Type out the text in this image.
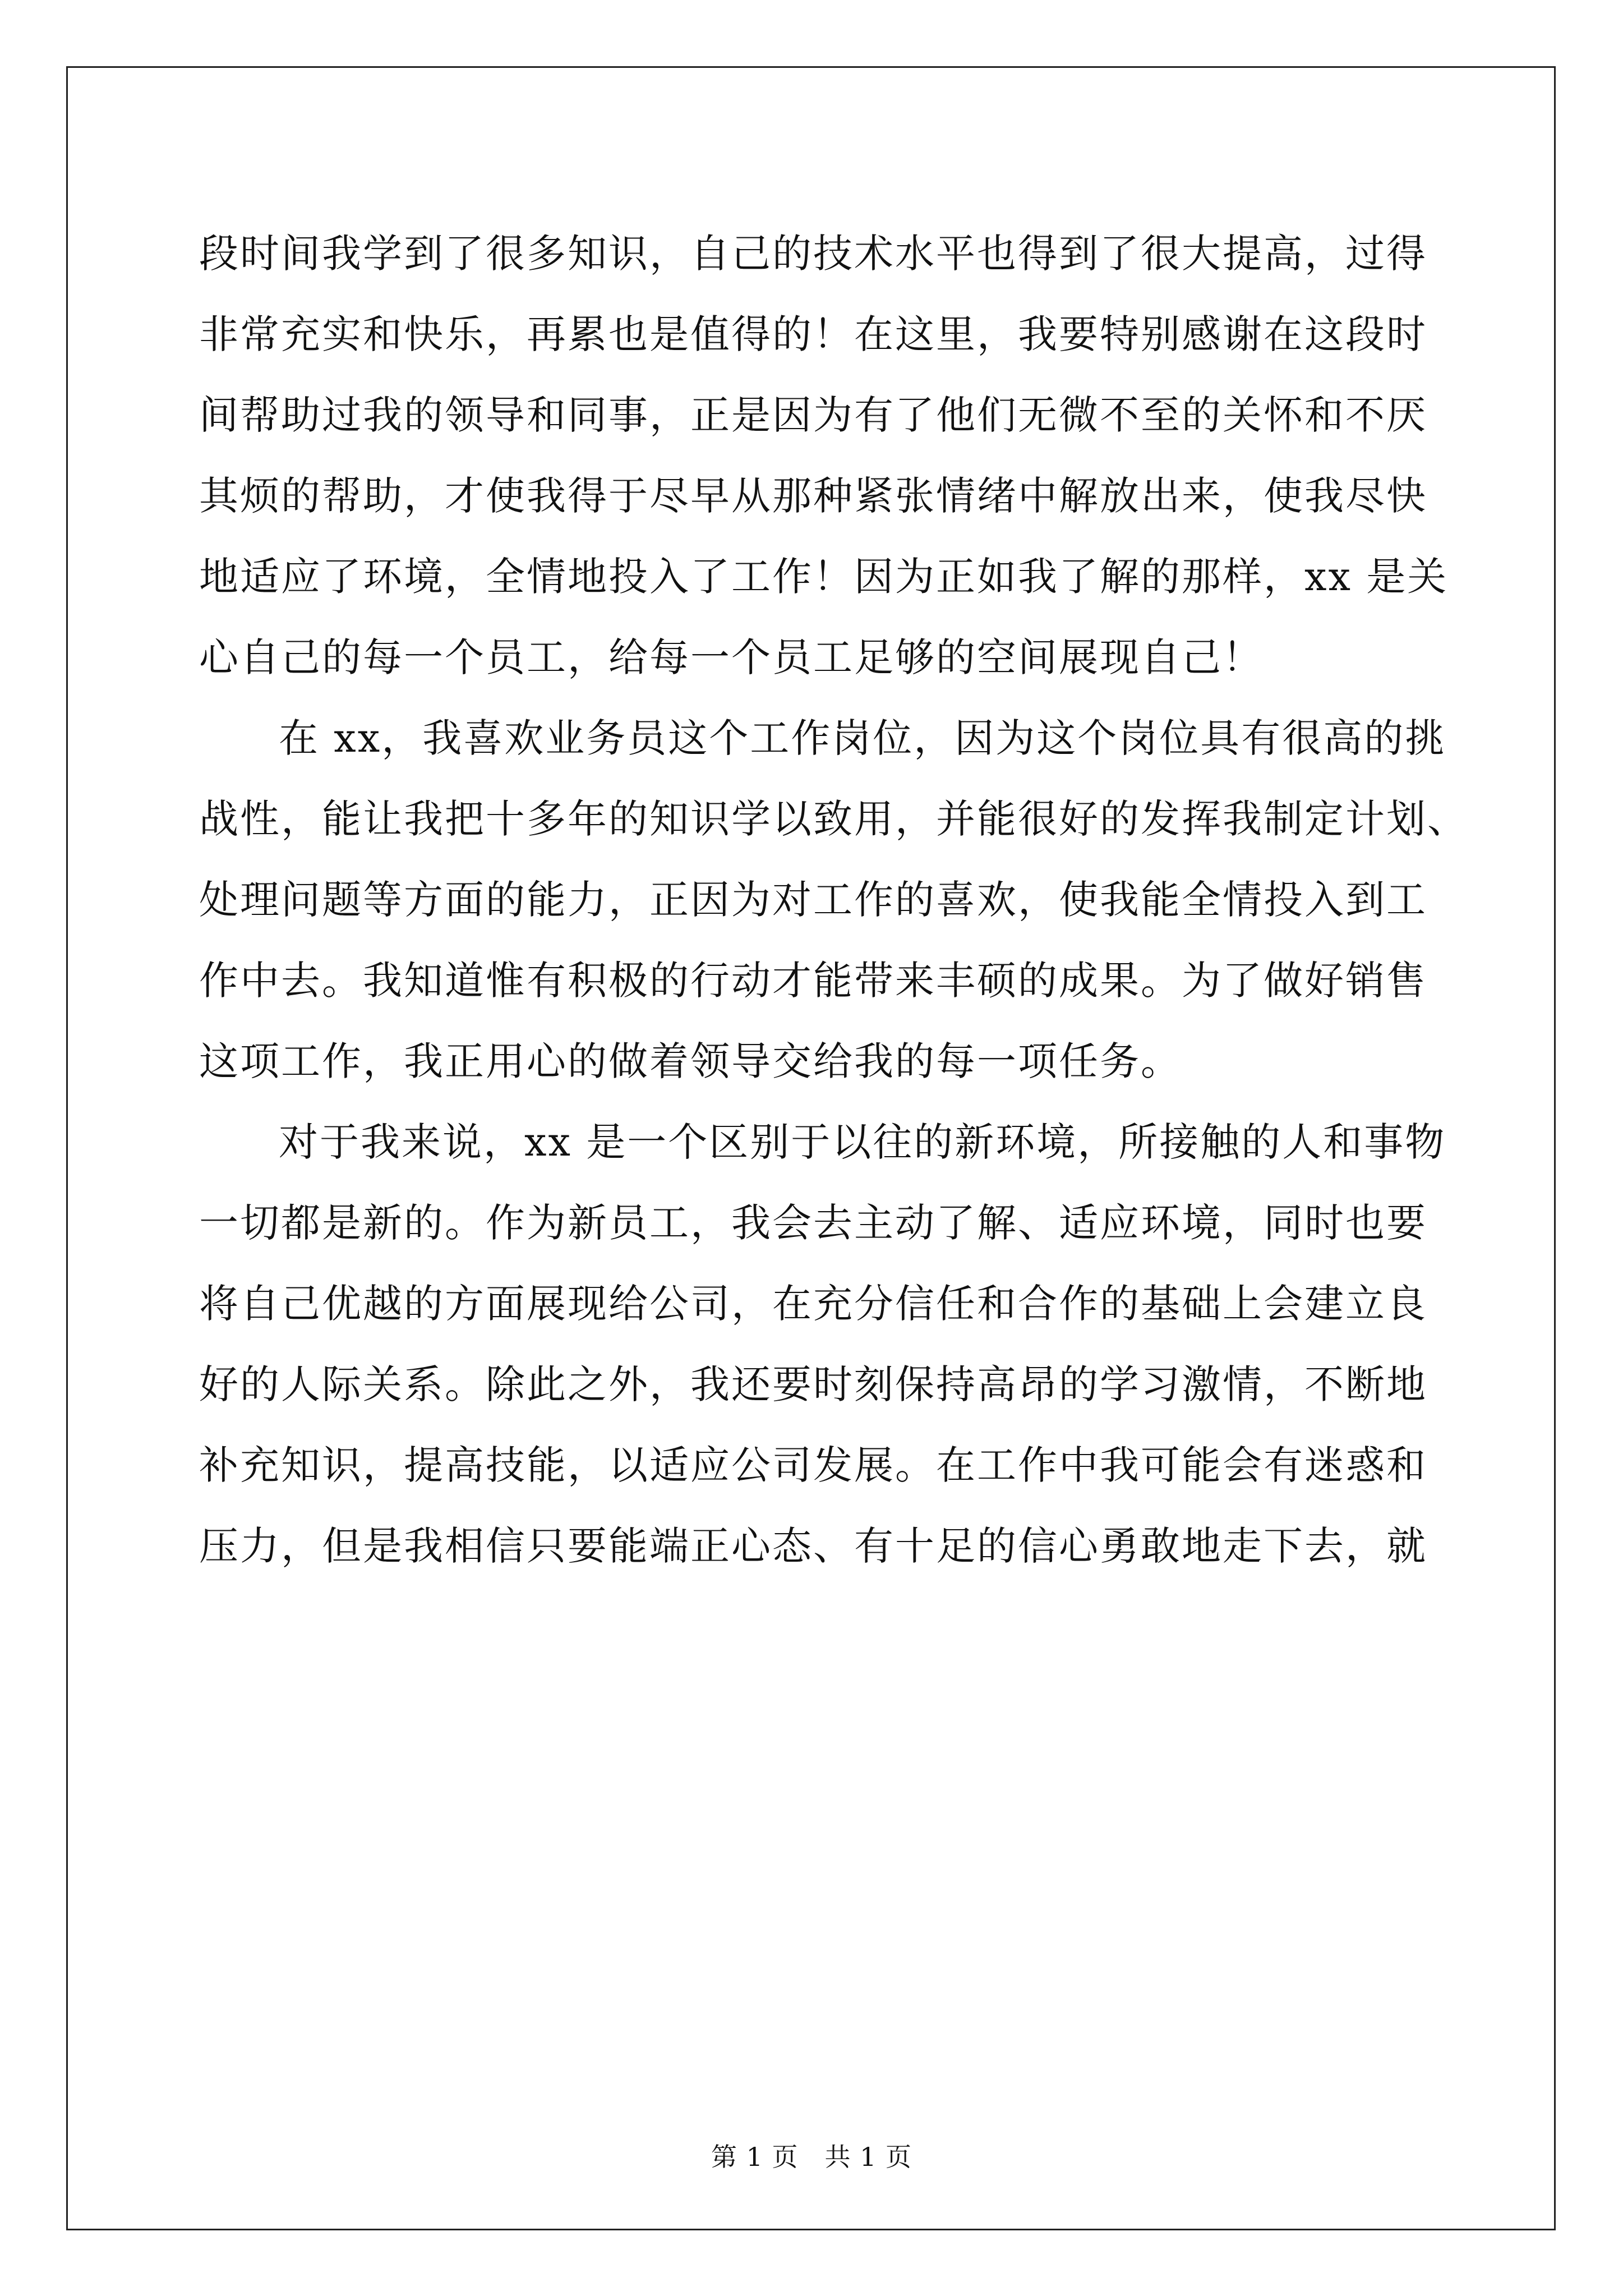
段时间我学到了很多知识，自己的技术水平也得到了很大提高，过得
非常充实和快乐，再累也是值得的！在这里，我要特别感谢在这段时
间帮助过我的领导和同事，正是因为有了他们无微不至的关怀和不厌
其烦的帮助，才使我得于尽早从那种紧张情绪中解放出来，使我尽快
地适应了环境，全情地投入了工作！因为正如我了解的那样，xx 是关
心自己的每一个员工，给每一个员工足够的空间展现自己！
在 xx，我喜欢业务员这个工作岗位，因为这个岗位具有很高的挑
战性，能让我把十多年的知识学以致用，并能很好的发挥我制定计划、
处理问题等方面的能力，正因为对工作的喜欢，使我能全情投入到工
作中去。我知道惟有积极的行动才能带来丰硕的成果。为了做好销售
这项工作，我正用心的做着领导交给我的每一项任务。
对于我来说，xx 是一个区别于以往的新环境，所接触的人和事物
一切都是新的。作为新员工，我会去主动了解、适应环境，同时也要
将自己优越的方面展现给公司，在充分信任和合作的基础上会建立良
好的人际关系。除此之外，我还要时刻保持高昂的学习激情，不断地
补充知识，提高技能，以适应公司发展。在工作中我可能会有迷惑和
压力，但是我相信只要能端正心态、有十足的信心勇敢地走下去，就
第 1 页　共 1 页
